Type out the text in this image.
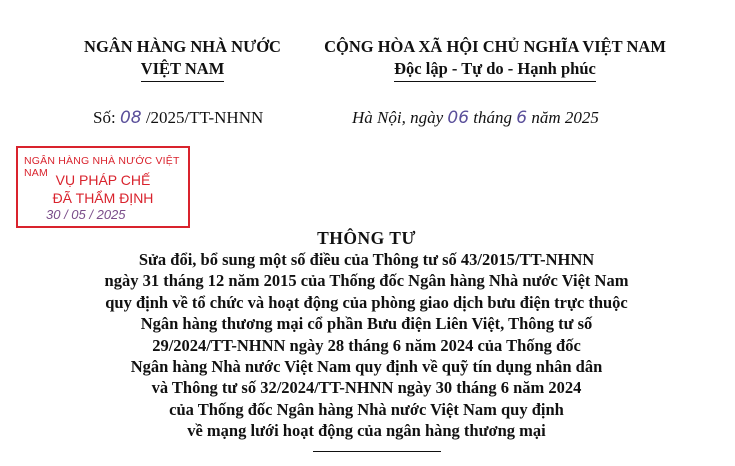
NGÂN HÀNG NHÀ NƯỚC
VIỆT NAM
CỘNG HÒA XÃ HỘI CHỦ NGHĨA VIỆT NAM
Độc lập - Tự do - Hạnh phúc
Số: 08 /2025/TT-NHNN	Hà Nội, ngày 06 tháng 6 năm 2025
NGÂN HÀNG NHÀ NƯỚC VIỆT NAM VỤ PHÁP CHẾ
ĐÃ THẨM ĐỊNH
30 / 05 / 2025
THÔNG TƯ
Sửa đổi, bổ sung một số điều của Thông tư số 43/2015/TT-NHNN
ngày 31 tháng 12 năm 2015 của Thống đốc Ngân hàng Nhà nước Việt Nam
quy định về tổ chức và hoạt động của phòng giao dịch bưu điện trực thuộc
Ngân hàng thương mại cổ phần Bưu điện Liên Việt, Thông tư số
29/2024/TT-NHNN ngày 28 tháng 6 năm 2024 của Thống đốc
Ngân hàng Nhà nước Việt Nam quy định về quỹ tín dụng nhân dân
và Thông tư số 32/2024/TT-NHNN ngày 30 tháng 6 năm 2024
của Thống đốc Ngân hàng Nhà nước Việt Nam quy định
về mạng lưới hoạt động của ngân hàng thương mại
